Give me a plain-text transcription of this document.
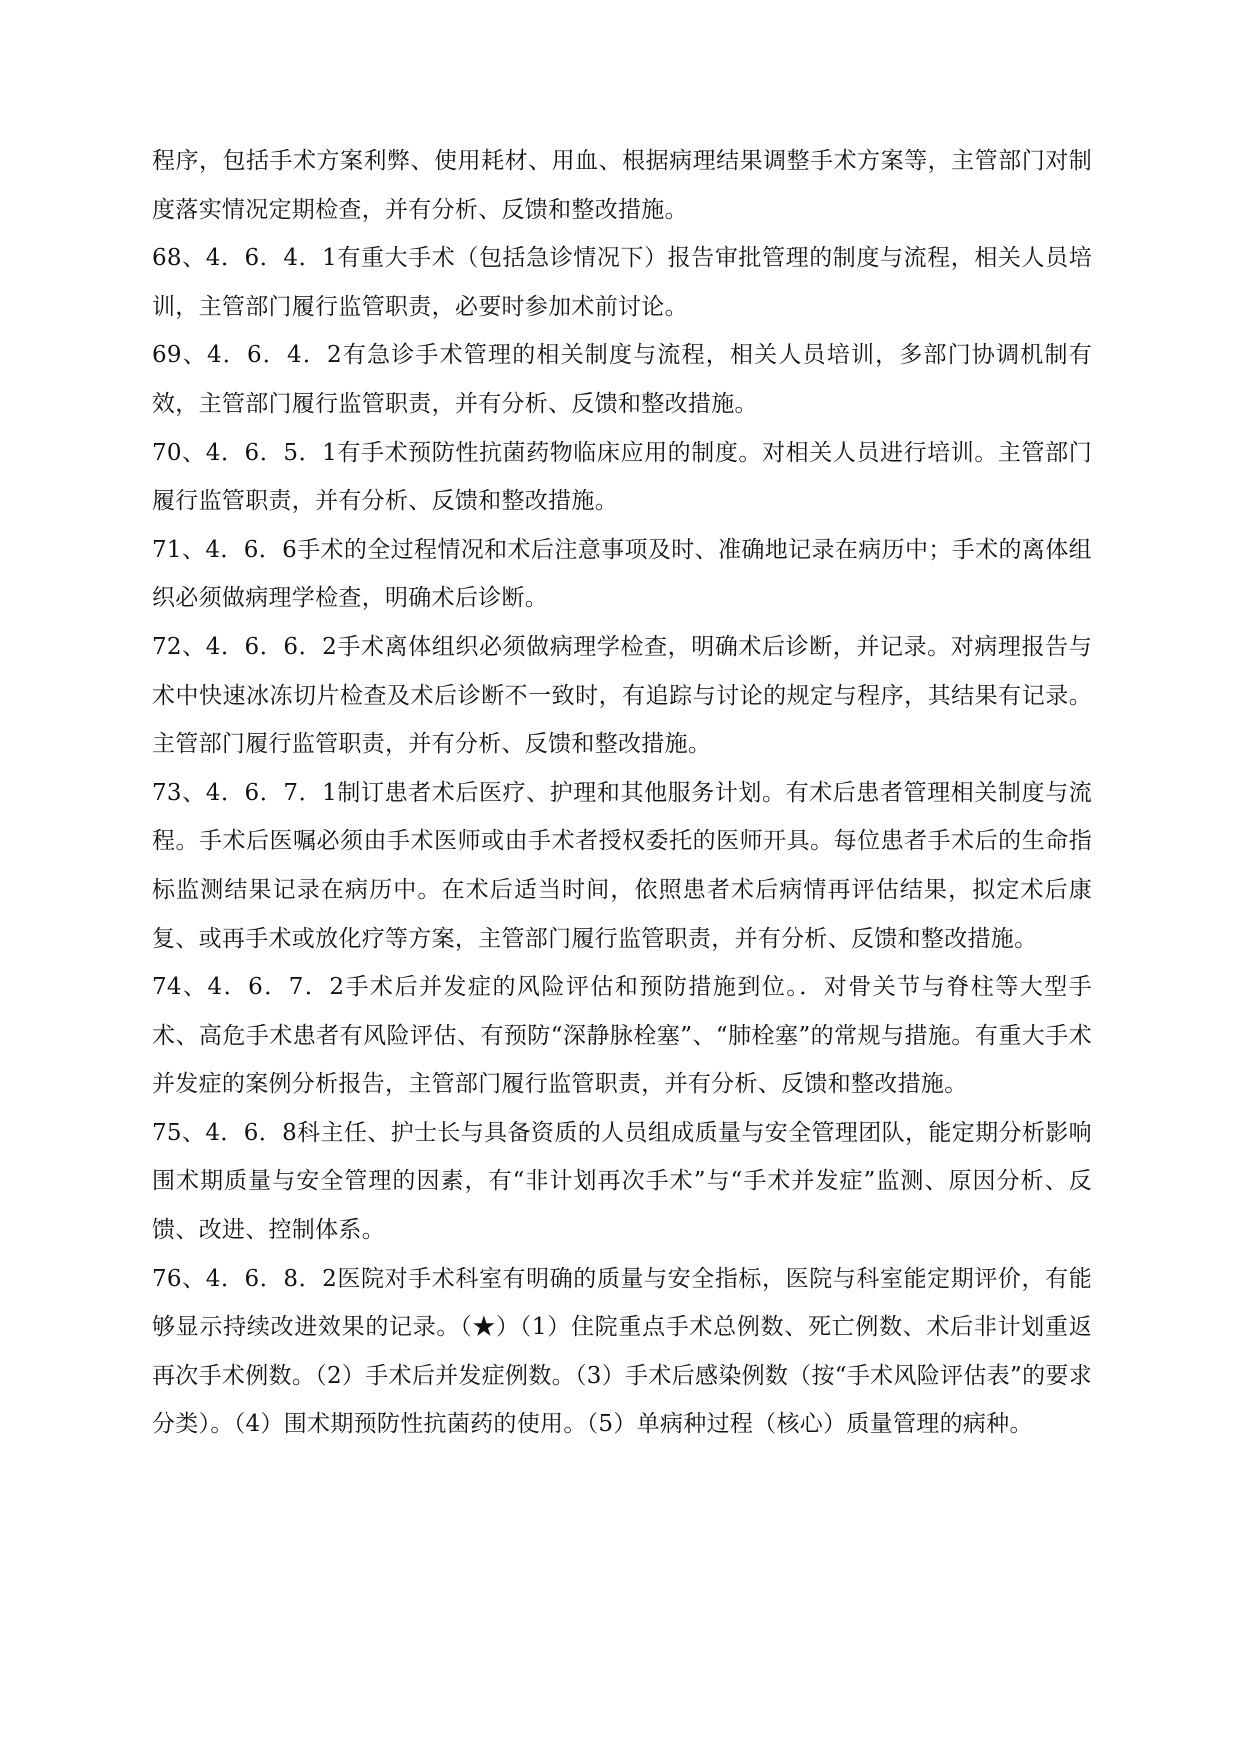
程序，包括手术方案利弊、使用耗材、用血、根据病理结果调整手术方案等，主管部门对制度落实情况定期检查，并有分析、反馈和整改措施。

68、4．6．4．1有重大手术（包括急诊情况下）报告审批管理的制度与流程，相关人员培训，主管部门履行监管职责，必要时参加术前讨论。

69、4．6．4．2有急诊手术管理的相关制度与流程，相关人员培训，多部门协调机制有效，主管部门履行监管职责，并有分析、反馈和整改措施。

70、4．6．5．1有手术预防性抗菌药物临床应用的制度。对相关人员进行培训。主管部门履行监管职责，并有分析、反馈和整改措施。

71、4．6．6手术的全过程情况和术后注意事项及时、准确地记录在病历中；手术的离体组织必须做病理学检查，明确术后诊断。

72、4．6．6．2手术离体组织必须做病理学检查，明确术后诊断，并记录。对病理报告与术中快速冰冻切片检查及术后诊断不一致时，有追踪与讨论的规定与程序，其结果有记录。主管部门履行监管职责，并有分析、反馈和整改措施。

73、4．6．7．1制订患者术后医疗、护理和其他服务计划。有术后患者管理相关制度与流程。手术后医嘱必须由手术医师或由手术者授权委托的医师开具。每位患者手术后的生命指标监测结果记录在病历中。在术后适当时间，依照患者术后病情再评估结果，拟定术后康复、或再手术或放化疗等方案，主管部门履行监管职责，并有分析、反馈和整改措施。

74、4．6．7．2手术后并发症的风险评估和预防措施到位。．对骨关节与脊柱等大型手术、高危手术患者有风险评估、有预防“深静脉栓塞”、“肺栓塞”的常规与措施。有重大手术并发症的案例分析报告，主管部门履行监管职责，并有分析、反馈和整改措施。

75、4．6．8科主任、护士长与具备资质的人员组成质量与安全管理团队，能定期分析影响围术期质量与安全管理的因素，有“非计划再次手术”与“手术并发症”监测、原因分析、反馈、改进、控制体系。

76、4．6．8．2医院对手术科室有明确的质量与安全指标，医院与科室能定期评价，有能够显示持续改进效果的记录。（★）（1）住院重点手术总例数、死亡例数、术后非计划重返再次手术例数。（2）手术后并发症例数。（3）手术后感染例数（按“手术风险评估表”的要求分类）。（4）围术期预防性抗菌药的使用。（5）单病种过程（核心）质量管理的病种。
